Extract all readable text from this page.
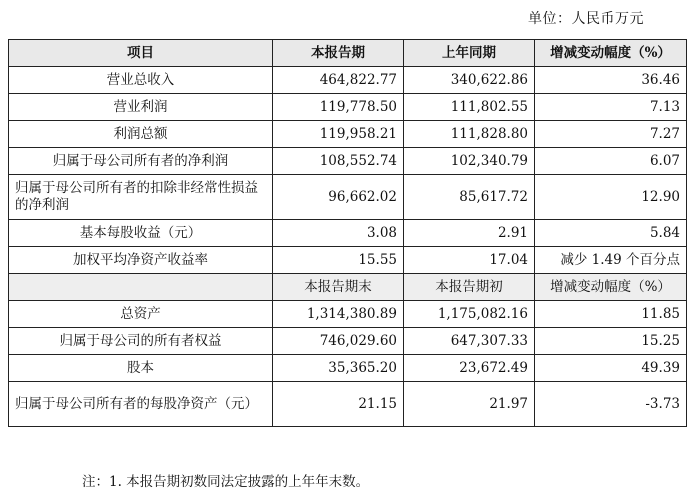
单位：人民币万元
项目	本报告期	上年同期	增减变动幅度（%）
营业总收入	464,822.77	340,622.86	36.46
营业利润	119,778.50	111,802.55	7.13
利润总额	119,958.21	111,828.80	7.27
归属于母公司所有者的净利润	108,552.74	102,340.79	6.07
归属于母公司所有者的扣除非经常性损益的净利润	96,662.02	85,617.72	12.90
基本每股收益（元）	3.08	2.91	5.84
加权平均净资产收益率	15.55	17.04	减少 1.49 个百分点
	本报告期末	本报告期初	增减变动幅度（%）
总资产	1,314,380.89	1,175,082.16	11.85
归属于母公司的所有者权益	746,029.60	647,307.33	15.25
股本	35,365.20	23,672.49	49.39
归属于母公司所有者的每股净资产（元）	21.15	21.97	-3.73
注：1. 本报告期初数同法定披露的上年年末数。
